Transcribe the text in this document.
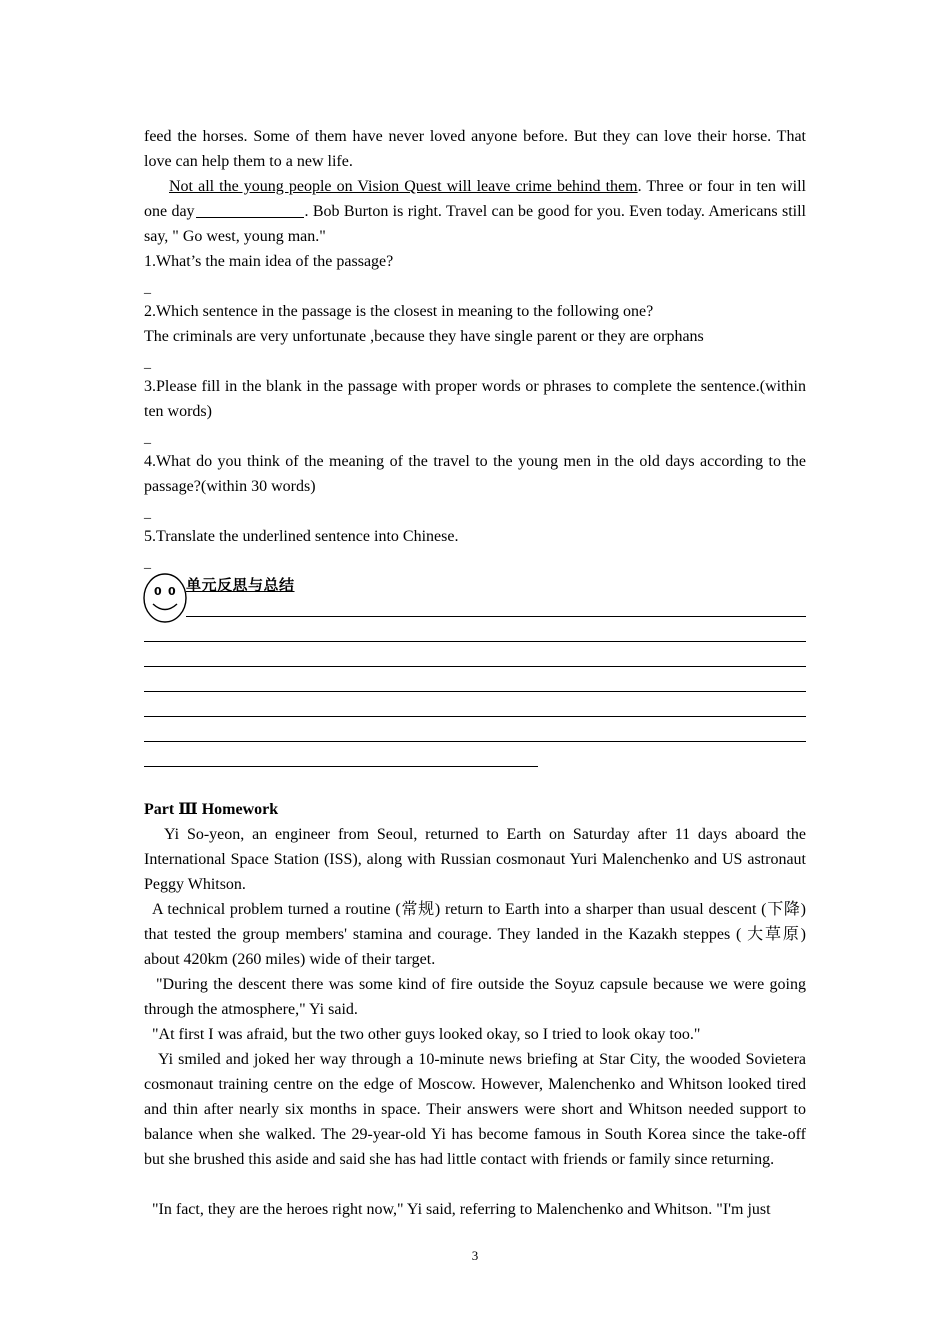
feed the horses. Some of them have never loved anyone before. But they can love their horse. That love can help them to a new life.

Not all the young people on Vision Quest will leave crime behind them. Three or four in ten will one day	. Bob Burton is right. Travel can be good for you. Even today. Americans still say, " Go west, young man."

1.What’s the main idea of the passage?

_

2.Which sentence in the passage is the closest in meaning to the following one?

The criminals are very unfortunate ,because they have single parent or they are orphans

_

3.Please fill in the blank in the passage with proper words or phrases to complete the sentence.(within ten words)

_

4.What do you think of the meaning of the travel to the young men in the old days according to the passage?(within 30 words)

_

5.Translate the underlined sentence into Chinese.

_
0 0 单元反思与总结
Part Ⅲ Homework

Yi So-yeon, an engineer from Seoul, returned to Earth on Saturday after 11 days aboard the International Space Station (ISS), along with Russian cosmonaut Yuri Malenchenko and US astronaut Peggy Whitson.

A technical problem turned a routine (常规) return to Earth into a sharper than usual descent (下降) that tested the group members' stamina and courage. They landed in the Kazakh steppes ( 大草原) about 420km (260 miles) wide of their target.

"During the descent there was some kind of fire outside the Soyuz capsule because we were going through the atmosphere," Yi said.

"At first I was afraid, but the two other guys looked okay, so I tried to look okay too."

Yi smiled and joked her way through a 10-minute news briefing at Star City, the wooded Sovietera cosmonaut training centre on the edge of Moscow. However, Malenchenko and Whitson looked tired and thin after nearly six months in space. Their answers were short and Whitson needed support to balance when she walked. The 29-year-old Yi has become famous in South Korea since the take-off but she brushed this aside and said she has had little contact with friends or family since returning.

"In fact, they are the heroes right now," Yi said, referring to Malenchenko and Whitson. "I'm just

3
